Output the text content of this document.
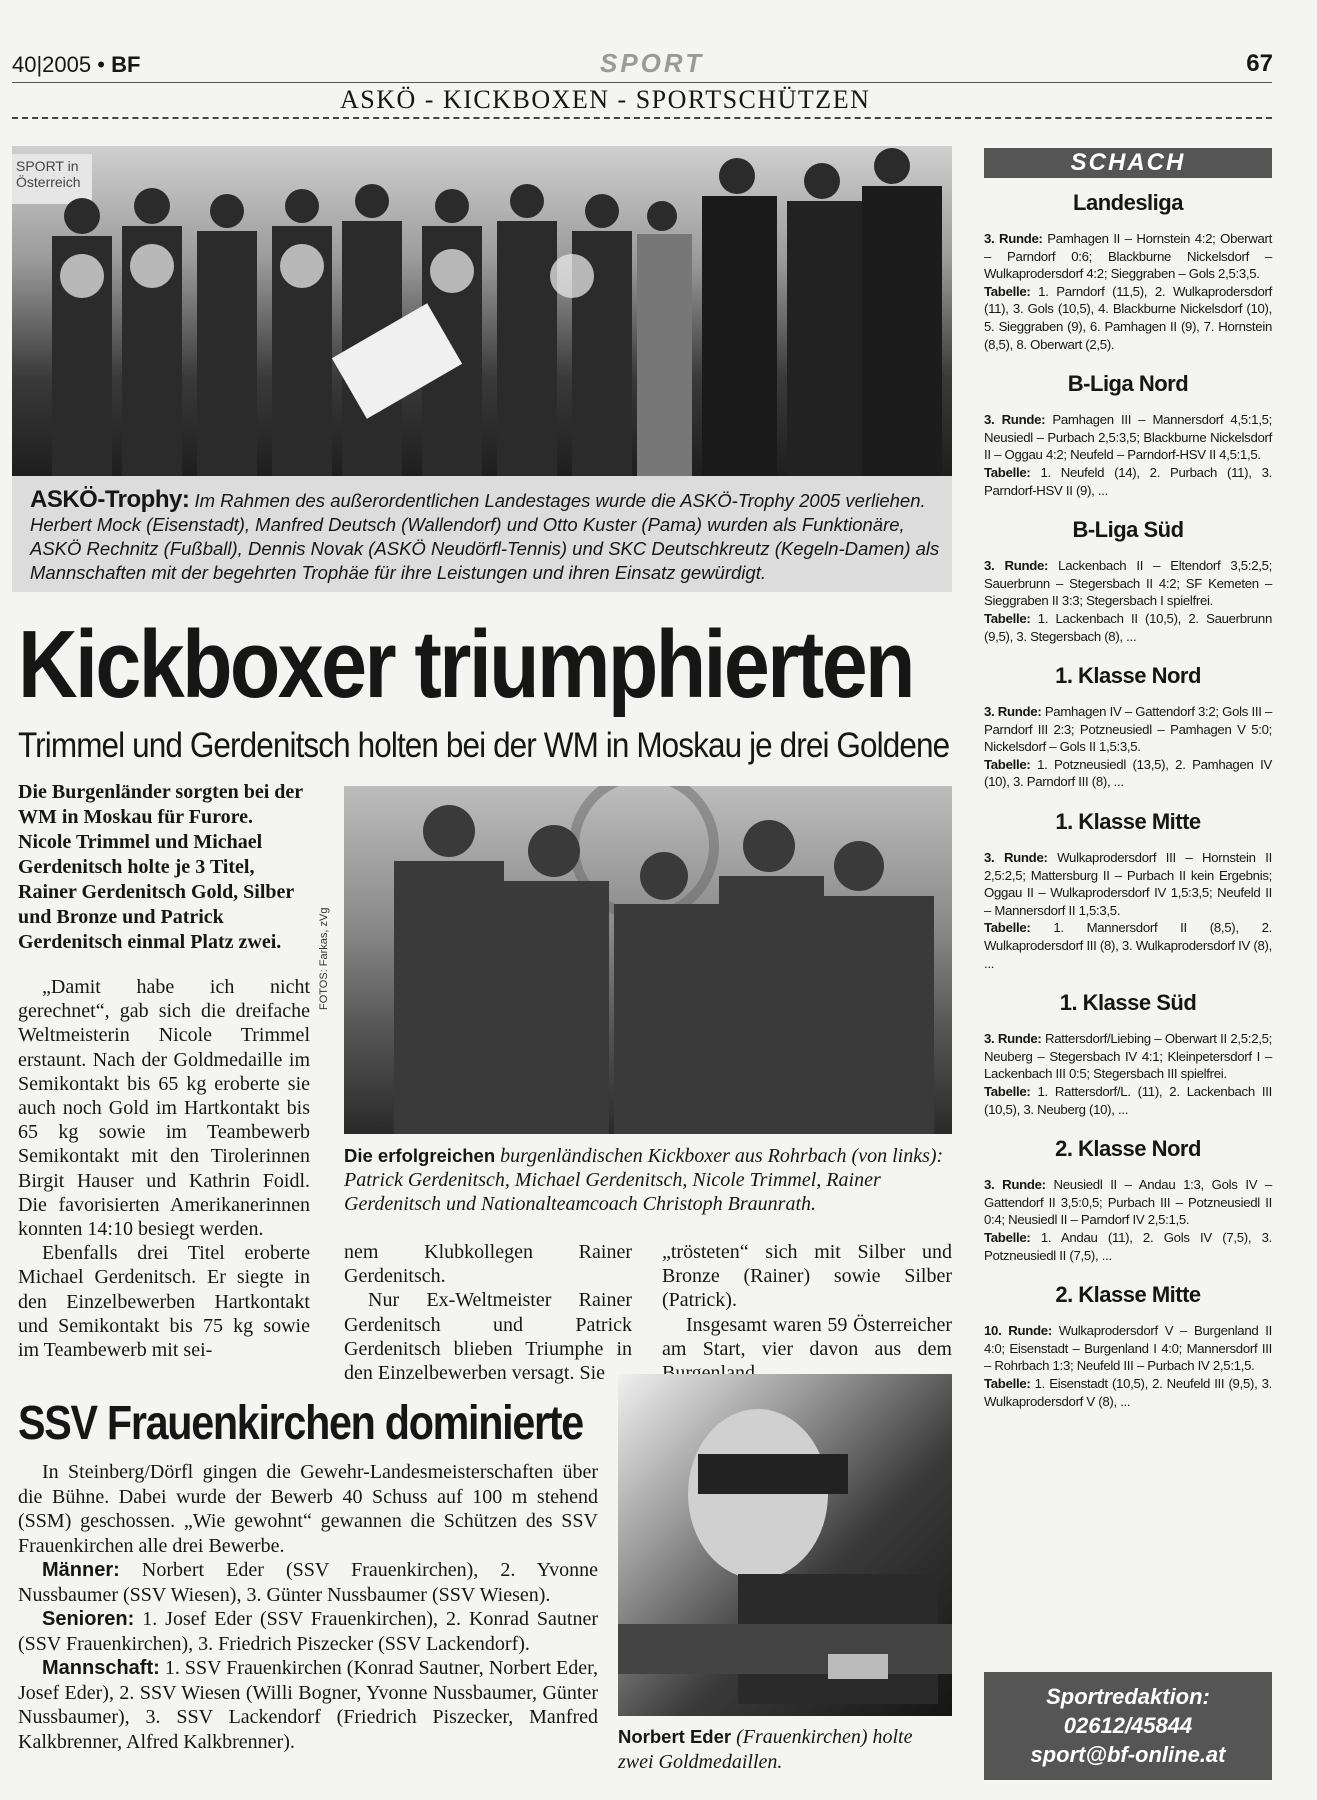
40|2005 • BF	SPORT	67
ASKÖ - KICKBOXEN - SPORTSCHÜTZEN
SPORT in Österreich
ASKÖ-Trophy: Im Rahmen des außerordentlichen Landestages wurde die ASKÖ-Trophy 2005 verliehen. Herbert Mock (Eisenstadt), Manfred Deutsch (Wallendorf) und Otto Kuster (Pama) wurden als Funktionäre, ASKÖ Rechnitz (Fußball), Dennis Novak (ASKÖ Neudörfl-Tennis) und SKC Deutschkreutz (Kegeln-Damen) als Mannschaften mit der begehrten Trophäe für ihre Leistungen und ihren Einsatz gewürdigt.
Kickboxer triumphierten
Trimmel und Gerdenitsch holten bei der WM in Moskau je drei Goldene
Die Burgenländer sorgten bei der WM in Moskau für Furore. Nicole Trimmel und Michael Gerdenitsch holte je 3 Titel, Rainer Gerdenitsch Gold, Silber und Bronze und Patrick Gerdenitsch einmal Platz zwei.

„Damit habe ich nicht gerechnet“, gab sich die dreifache Weltmeisterin Nicole Trimmel erstaunt. Nach der Goldmedaille im Semikontakt bis 65 kg eroberte sie auch noch Gold im Hartkontakt bis 65 kg sowie im Teambewerb Semikontakt mit den Tirolerinnen Birgit Hauser und Kathrin Foidl. Die favorisierten Amerikanerinnen konnten 14:10 besiegt werden.

Ebenfalls drei Titel eroberte Michael Gerdenitsch. Er siegte in den Einzelbewerben Hartkontakt und Semikontakt bis 75 kg sowie im Teambewerb mit sei-

FOTOS: Farkas, zVg
Die erfolgreichen burgenländischen Kickboxer aus Rohrbach (von links): Patrick Gerdenitsch, Michael Gerdenitsch, Nicole Trimmel, Rainer Gerdenitsch und Nationalteamcoach Christoph Braunrath.

nem Klubkollegen Rainer Gerdenitsch.

Nur Ex-Weltmeister Rainer Gerdenitsch und Patrick Gerdenitsch blieben Triumphe in den Einzelbewerben versagt. Sie

„trösteten“ sich mit Silber und Bronze (Rainer) sowie Silber (Patrick).

Insgesamt waren 59 Österreicher am Start, vier davon aus dem

SSV Frauenkirchen dominierte

In Steinberg/Dörfl gingen die Gewehr-Landesmeisterschaften über die Bühne. Dabei wurde der Bewerb 40 Schuss auf 100 m stehend (SSM) geschossen. „Wie gewohnt“ gewannen die Schützen des SSV Frauenkirchen alle drei Bewerbe.

Männer: Norbert Eder (SSV Frauenkirchen), 2. Yvonne Nussbaumer (SSV Wiesen), 3. Günter Nussbaumer (SSV Wiesen).

Senioren: 1. Josef Eder (SSV Frauenkirchen), 2. Konrad Sautner (SSV Frauenkirchen), 3. Friedrich Piszecker (SSV Lackendorf).

Mannschaft: 1. SSV Frauenkirchen (Konrad Sautner, Norbert Eder, Josef Eder), 2. SSV Wiesen (Willi Bogner, Yvonne Nussbaumer, Günter Nussbaumer), 3. SSV Lackendorf (Friedrich Piszecker, Manfred Kalkbrenner, Alfred Kalkbrenner).	Norbert Eder (Frauenkirchen) holte zwei Goldmedaillen.
SCHACH
Landesliga

3. Runde: Pamhagen II – Hornstein 4:2; Oberwart – Parndorf 0:6; Blackburne Nickelsdorf – Wulkaprodersdorf 4:2; Sieggraben – Gols 2,5:3,5.

Tabelle: 1. Parndorf (11,5), 2. Wulkaprodersdorf (11), 3. Gols (10,5), 4. Blackburne Nickelsdorf (10), 5. Sieggraben (9), 6. Pamhagen II (9), 7. Hornstein (8,5), 8. Oberwart (2,5).

B-Liga Nord

3. Runde: Pamhagen III – Mannersdorf 4,5:1,5; Neusiedl – Purbach 2,5:3,5; Blackburne Nickelsdorf II – Oggau 4:2; Neufeld – Parndorf-HSV II 4,5:1,5.

Tabelle: 1. Neufeld (14), 2. Purbach (11), 3. Parndorf-HSV II (9), ...

B-Liga Süd

3. Runde: Lackenbach II – Eltendorf 3,5:2,5; Sauerbrunn – Stegersbach II 4:2; SF Kemeten – Sieggraben II 3:3; Stegersbach I spielfrei.

Tabelle: 1. Lackenbach II (10,5), 2. Sauerbrunn (9,5), 3. Stegersbach (8), ...

1. Klasse Nord

3. Runde: Pamhagen IV – Gattendorf 3:2; Gols III – Parndorf III 2:3; Potzneusiedl – Pamhagen V 5:0; Nickelsdorf – Gols II 1,5:3,5.

Tabelle: 1. Potzneusiedl (13,5), 2. Pamhagen IV (10), 3. Parndorf III (8), ...

1. Klasse Mitte

3. Runde: Wulkaprodersdorf III – Hornstein II 2,5:2,5; Mattersburg II – Purbach II kein Ergebnis; Oggau II – Wulkaprodersdorf IV 1,5:3,5; Neufeld II – Mannersdorf II 1,5:3,5.

Tabelle: 1. Mannersdorf II (8,5), 2. Wulkaprodersdorf III (8), 3. Wulkaprodersdorf IV (8), ...

1. Klasse Süd

3. Runde: Rattersdorf/Liebing – Oberwart II 2,5:2,5; Neuberg – Stegersbach IV 4:1; Kleinpetersdorf I – Lackenbach III 0:5; Stegersbach III spielfrei.

Tabelle: 1. Rattersdorf/L. (11), 2. Lackenbach III (10,5), 3. Neuberg (10), ...

2. Klasse Nord

3. Runde: Neusiedl II – Andau 1:3, Gols IV – Gattendorf II 3,5:0,5; Purbach III – Potzneusiedl II 0:4; Neusiedl II – Parndorf IV 2,5:1,5.

Tabelle: 1. Andau (11), 2. Gols IV (7,5), 3. Potzneusiedl II (7,5), ...

2. Klasse Mitte

10. Runde: Wulkaprodersdorf V – Burgenland II 4:0; Eisenstadt – Burgenland I 4:0; Mannersdorf III – Rohrbach 1:3; Neufeld III – Purbach IV 2,5:1,5.

Tabelle: 1. Eisenstadt (10,5), 2. Neufeld III (9,5), 3. Wulkaprodersdorf V (8), ...

Sportredaktion:
02612/45844
sport@bf-online.at
